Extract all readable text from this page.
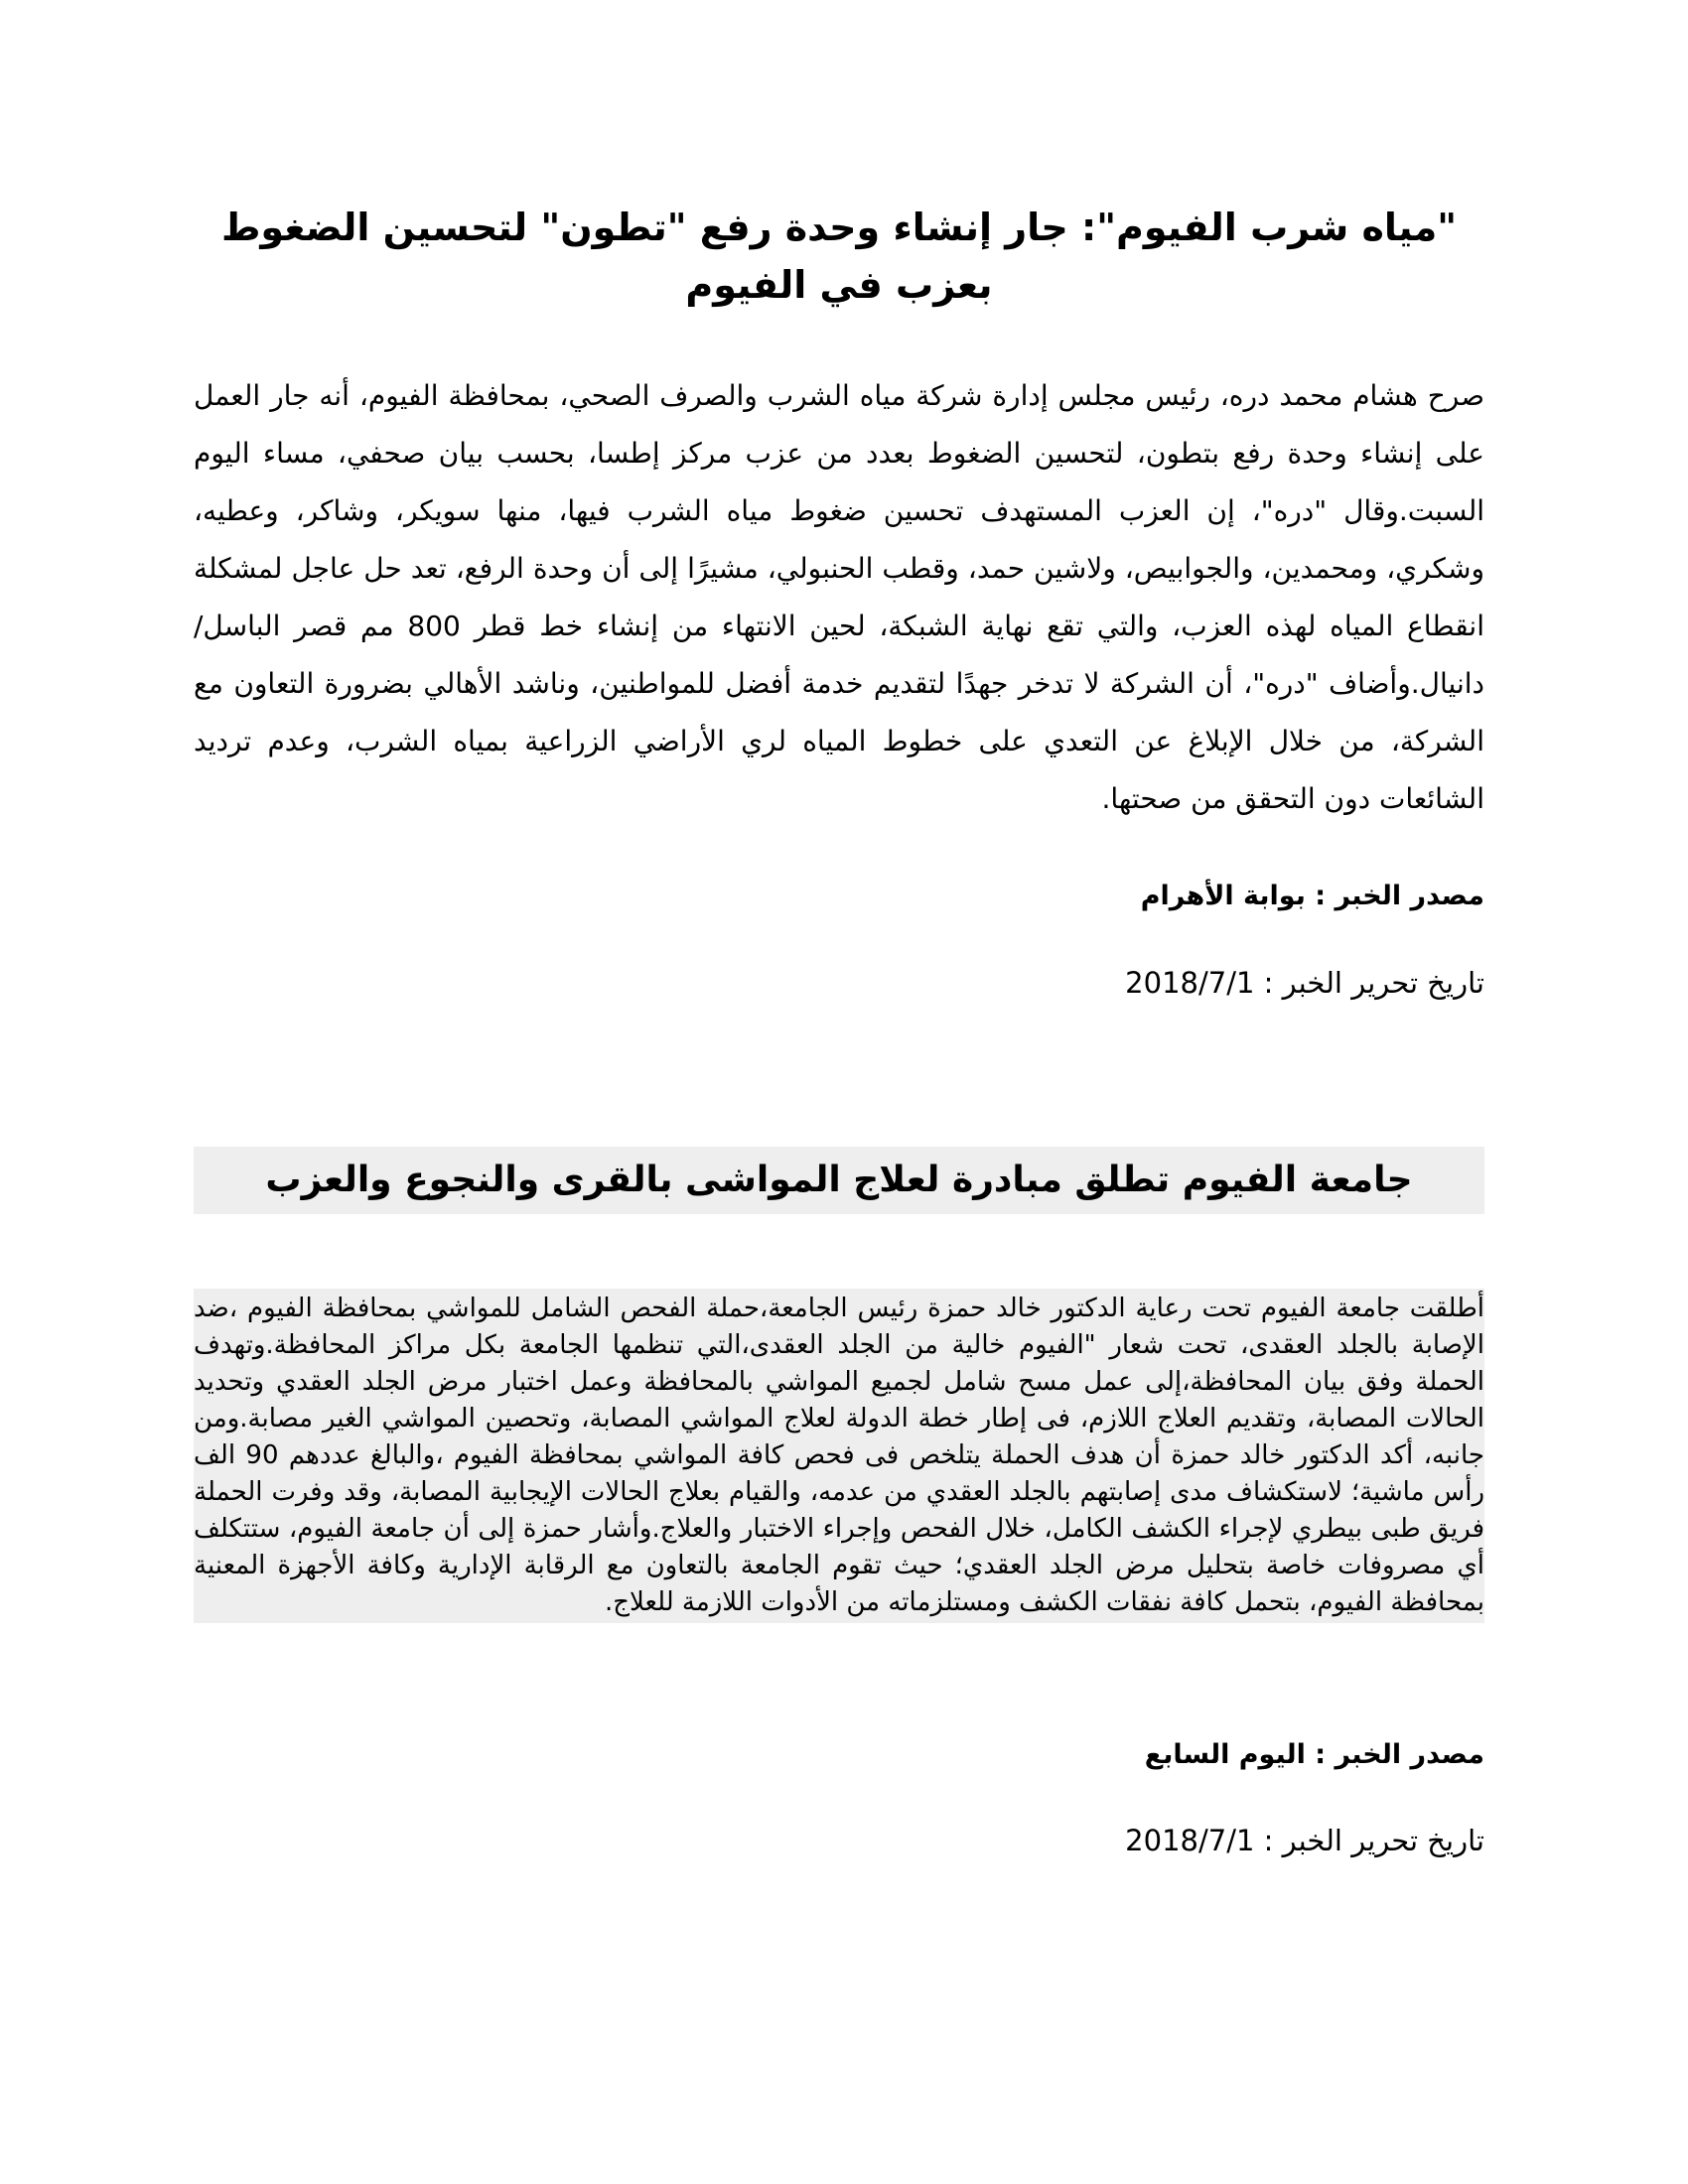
"مياه شرب الفيوم": جار إنشاء وحدة رفع "تطون" لتحسين الضغوط بعزب في الفيوم

صرح هشام محمد دره، رئيس مجلس إدارة شركة مياه الشرب والصرف الصحي، بمحافظة الفيوم، أنه جار العمل على إنشاء وحدة رفع بتطون، لتحسين الضغوط بعدد من عزب مركز إطسا، بحسب بيان صحفي، مساء اليوم السبت.وقال "دره"، إن العزب المستهدف تحسين ضغوط مياه الشرب فيها، منها سويكر، وشاكر، وعطيه، وشكري، ومحمدين، والجوابيص، ولاشين حمد، وقطب الحنبولي، مشيرًا إلى أن وحدة الرفع، تعد حل عاجل لمشكلة انقطاع المياه لهذه العزب، والتي تقع نهاية الشبكة، لحين الانتهاء من إنشاء خط قطر 800 مم قصر الباسل/ دانيال.وأضاف "دره"، أن الشركة لا تدخر جهدًا لتقديم خدمة أفضل للمواطنين، وناشد الأهالي بضرورة التعاون مع الشركة، من خلال الإبلاغ عن التعدي على خطوط المياه لري الأراضي الزراعية بمياه الشرب، وعدم ترديد الشائعات دون التحقق من صحتها.

مصدر الخبر : بوابة الأهرام

تاريخ تحرير الخبر : 2018/7/1

جامعة الفيوم تطلق مبادرة لعلاج المواشى بالقرى والنجوع والعزب

أطلقت جامعة الفيوم تحت رعاية الدكتور خالد حمزة رئيس الجامعة،حملة الفحص الشامل للمواشي بمحافظة الفيوم ،ضد الإصابة بالجلد العقدى، تحت شعار "الفيوم خالية من الجلد العقدى،التي تنظمها الجامعة بكل مراكز المحافظة.وتهدف الحملة وفق بيان المحافظة،إلى عمل مسح شامل لجميع المواشي بالمحافظة وعمل اختبار مرض الجلد العقدي وتحديد الحالات المصابة، وتقديم العلاج اللازم، فى إطار خطة الدولة لعلاج المواشي المصابة، وتحصين المواشي الغير مصابة.ومن جانبه، أكد الدكتور خالد حمزة أن هدف الحملة يتلخص فى فحص كافة المواشي بمحافظة الفيوم ،والبالغ عددهم 90 الف رأس ماشية؛ لاستكشاف مدى إصابتهم بالجلد العقدي من عدمه، والقيام بعلاج الحالات الإيجابية المصابة، وقد وفرت الحملة فريق طبى بيطري لإجراء الكشف الكامل، خلال الفحص وإجراء الاختبار والعلاج.وأشار حمزة إلى أن جامعة الفيوم، ستتكلف أي مصروفات خاصة بتحليل مرض الجلد العقدي؛ حيث تقوم الجامعة بالتعاون مع الرقابة الإدارية وكافة الأجهزة المعنية بمحافظة الفيوم، بتحمل كافة نفقات الكشف ومستلزماته من الأدوات اللازمة للعلاج.

مصدر الخبر : اليوم السابع

تاريخ تحرير الخبر : 2018/7/1
